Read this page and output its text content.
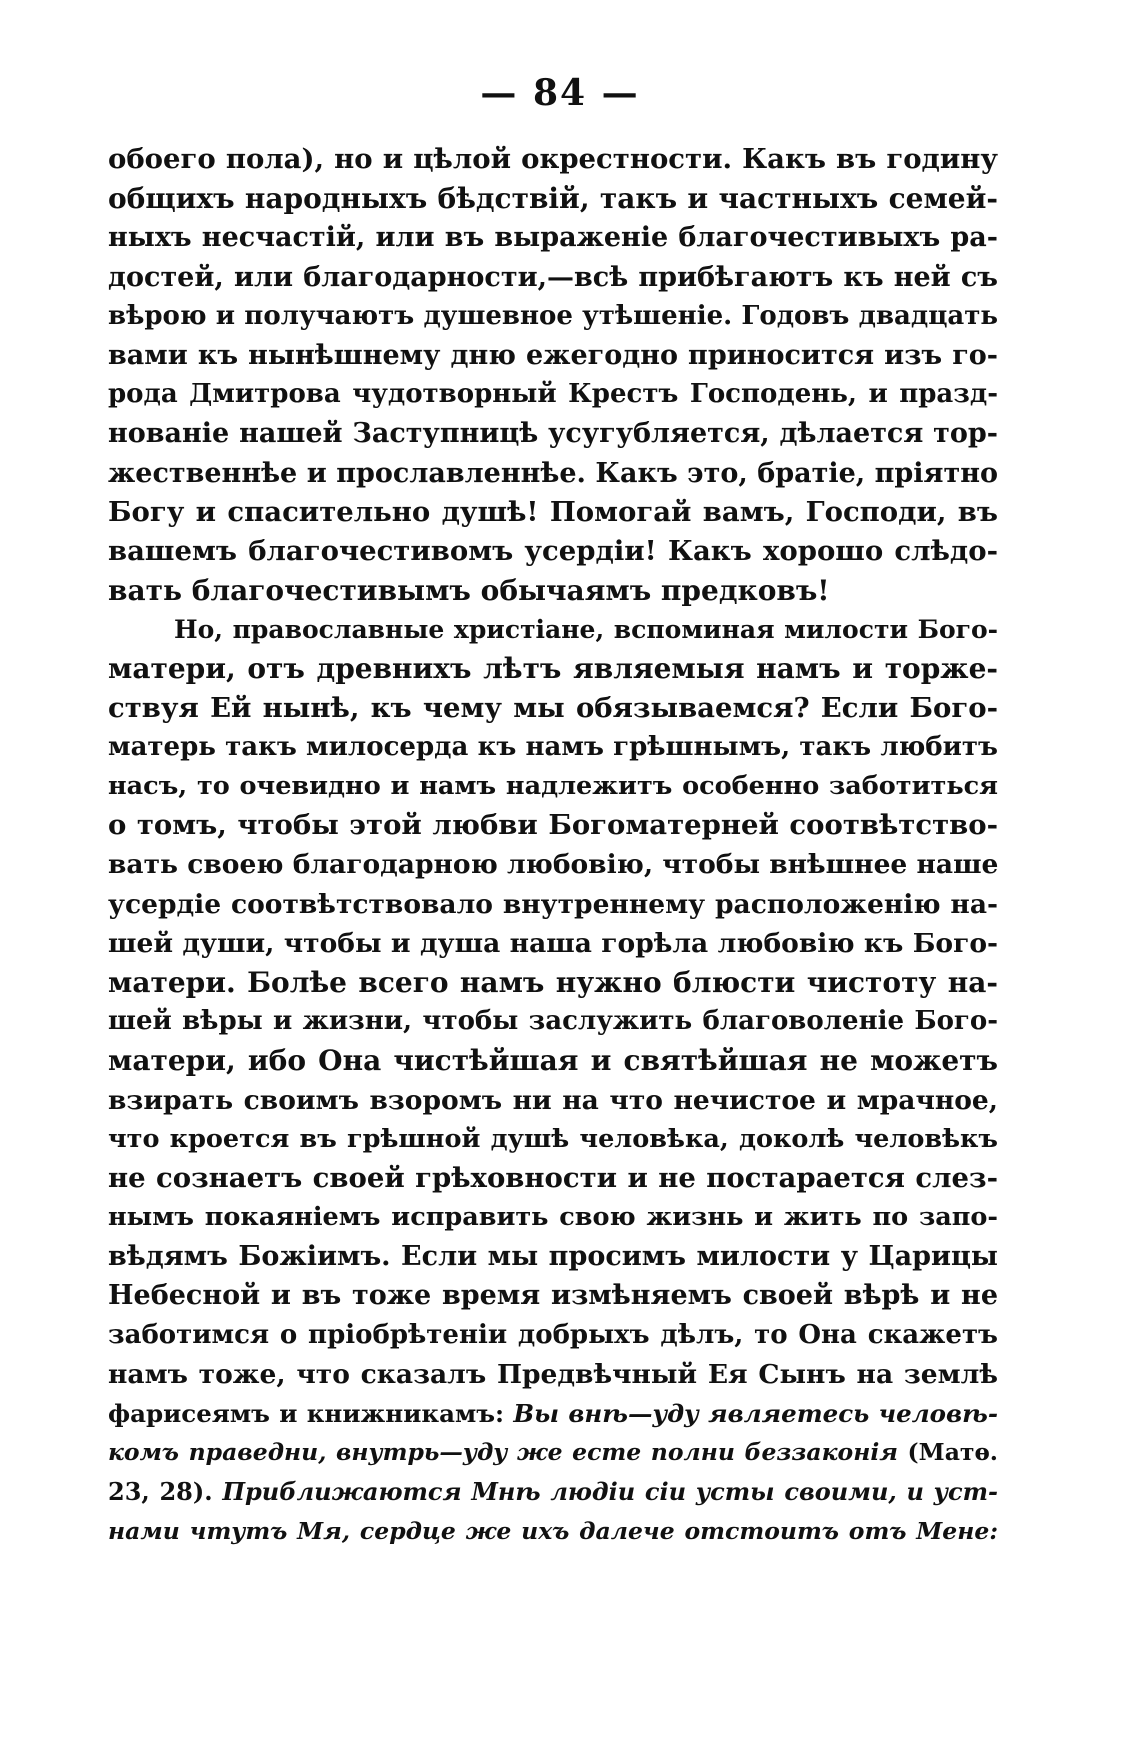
— 84 —
обоего пола), но и цѣлой окрестности. Какъ въ годину
общихъ народныхъ бѣдствій, такъ и частныхъ семей-
ныхъ несчастій, или въ выраженіе благочестивыхъ ра-
достей, или благодарности,—всѣ прибѣгаютъ къ ней съ
вѣрою и получаютъ душевное утѣшеніе. Годовъ двадцать
вами къ нынѣшнему дню ежегодно приносится изъ го-
рода Дмитрова чудотворный Крестъ Господень, и празд-
нованіе нашей Заступницѣ усугубляется, дѣлается тор-
жественнѣе и прославленнѣе. Какъ это, братіе, пріятно
Богу и спасительно душѣ! Помогай вамъ, Господи, въ
вашемъ благочестивомъ усердіи! Какъ хорошо слѣдо-
вать благочестивымъ обычаямъ предковъ!
Но, православные христіане, вспоминая милости Бого-
матери, отъ древнихъ лѣтъ являемыя намъ и торже-
ствуя Ей нынѣ, къ чему мы обязываемся? Если Бого-
матерь такъ милосерда къ намъ грѣшнымъ, такъ любитъ
насъ, то очевидно и намъ надлежитъ особенно заботиться
о томъ, чтобы этой любви Богоматерней соотвѣтство-
вать своею благодарною любовію, чтобы внѣшнее наше
усердіе соотвѣтствовало внутреннему расположенію на-
шей души, чтобы и душа наша горѣла любовію къ Бого-
матери. Болѣе всего намъ нужно блюсти чистоту на-
шей вѣры и жизни, чтобы заслужить благоволеніе Бого-
матери, ибо Она чистѣйшая и святѣйшая не можетъ
взирать своимъ взоромъ ни на что нечистое и мрачное,
что кроется въ грѣшной душѣ человѣка, доколѣ человѣкъ
не сознаетъ своей грѣховности и не постарается слез-
нымъ покаяніемъ исправить свою жизнь и жить по запо-
вѣдямъ Божіимъ. Если мы просимъ милости у Царицы
Небесной и въ тоже время измѣняемъ своей вѣрѣ и не
заботимся о пріобрѣтеніи добрыхъ дѣлъ, то Она скажетъ
намъ тоже, что сказалъ Предвѣчный Ея Сынъ на землѣ
фарисеямъ и книжникамъ: Вы внѣ—уду являетесь человѣ-
комъ праведни, внутрь—уду же есте полни беззаконія (Матѳ.
23, 28). Приближаются Мнѣ людіи сіи усты своими, и уст-
нами чтутъ Мя, сердце же ихъ далече отстоитъ отъ Мене:
